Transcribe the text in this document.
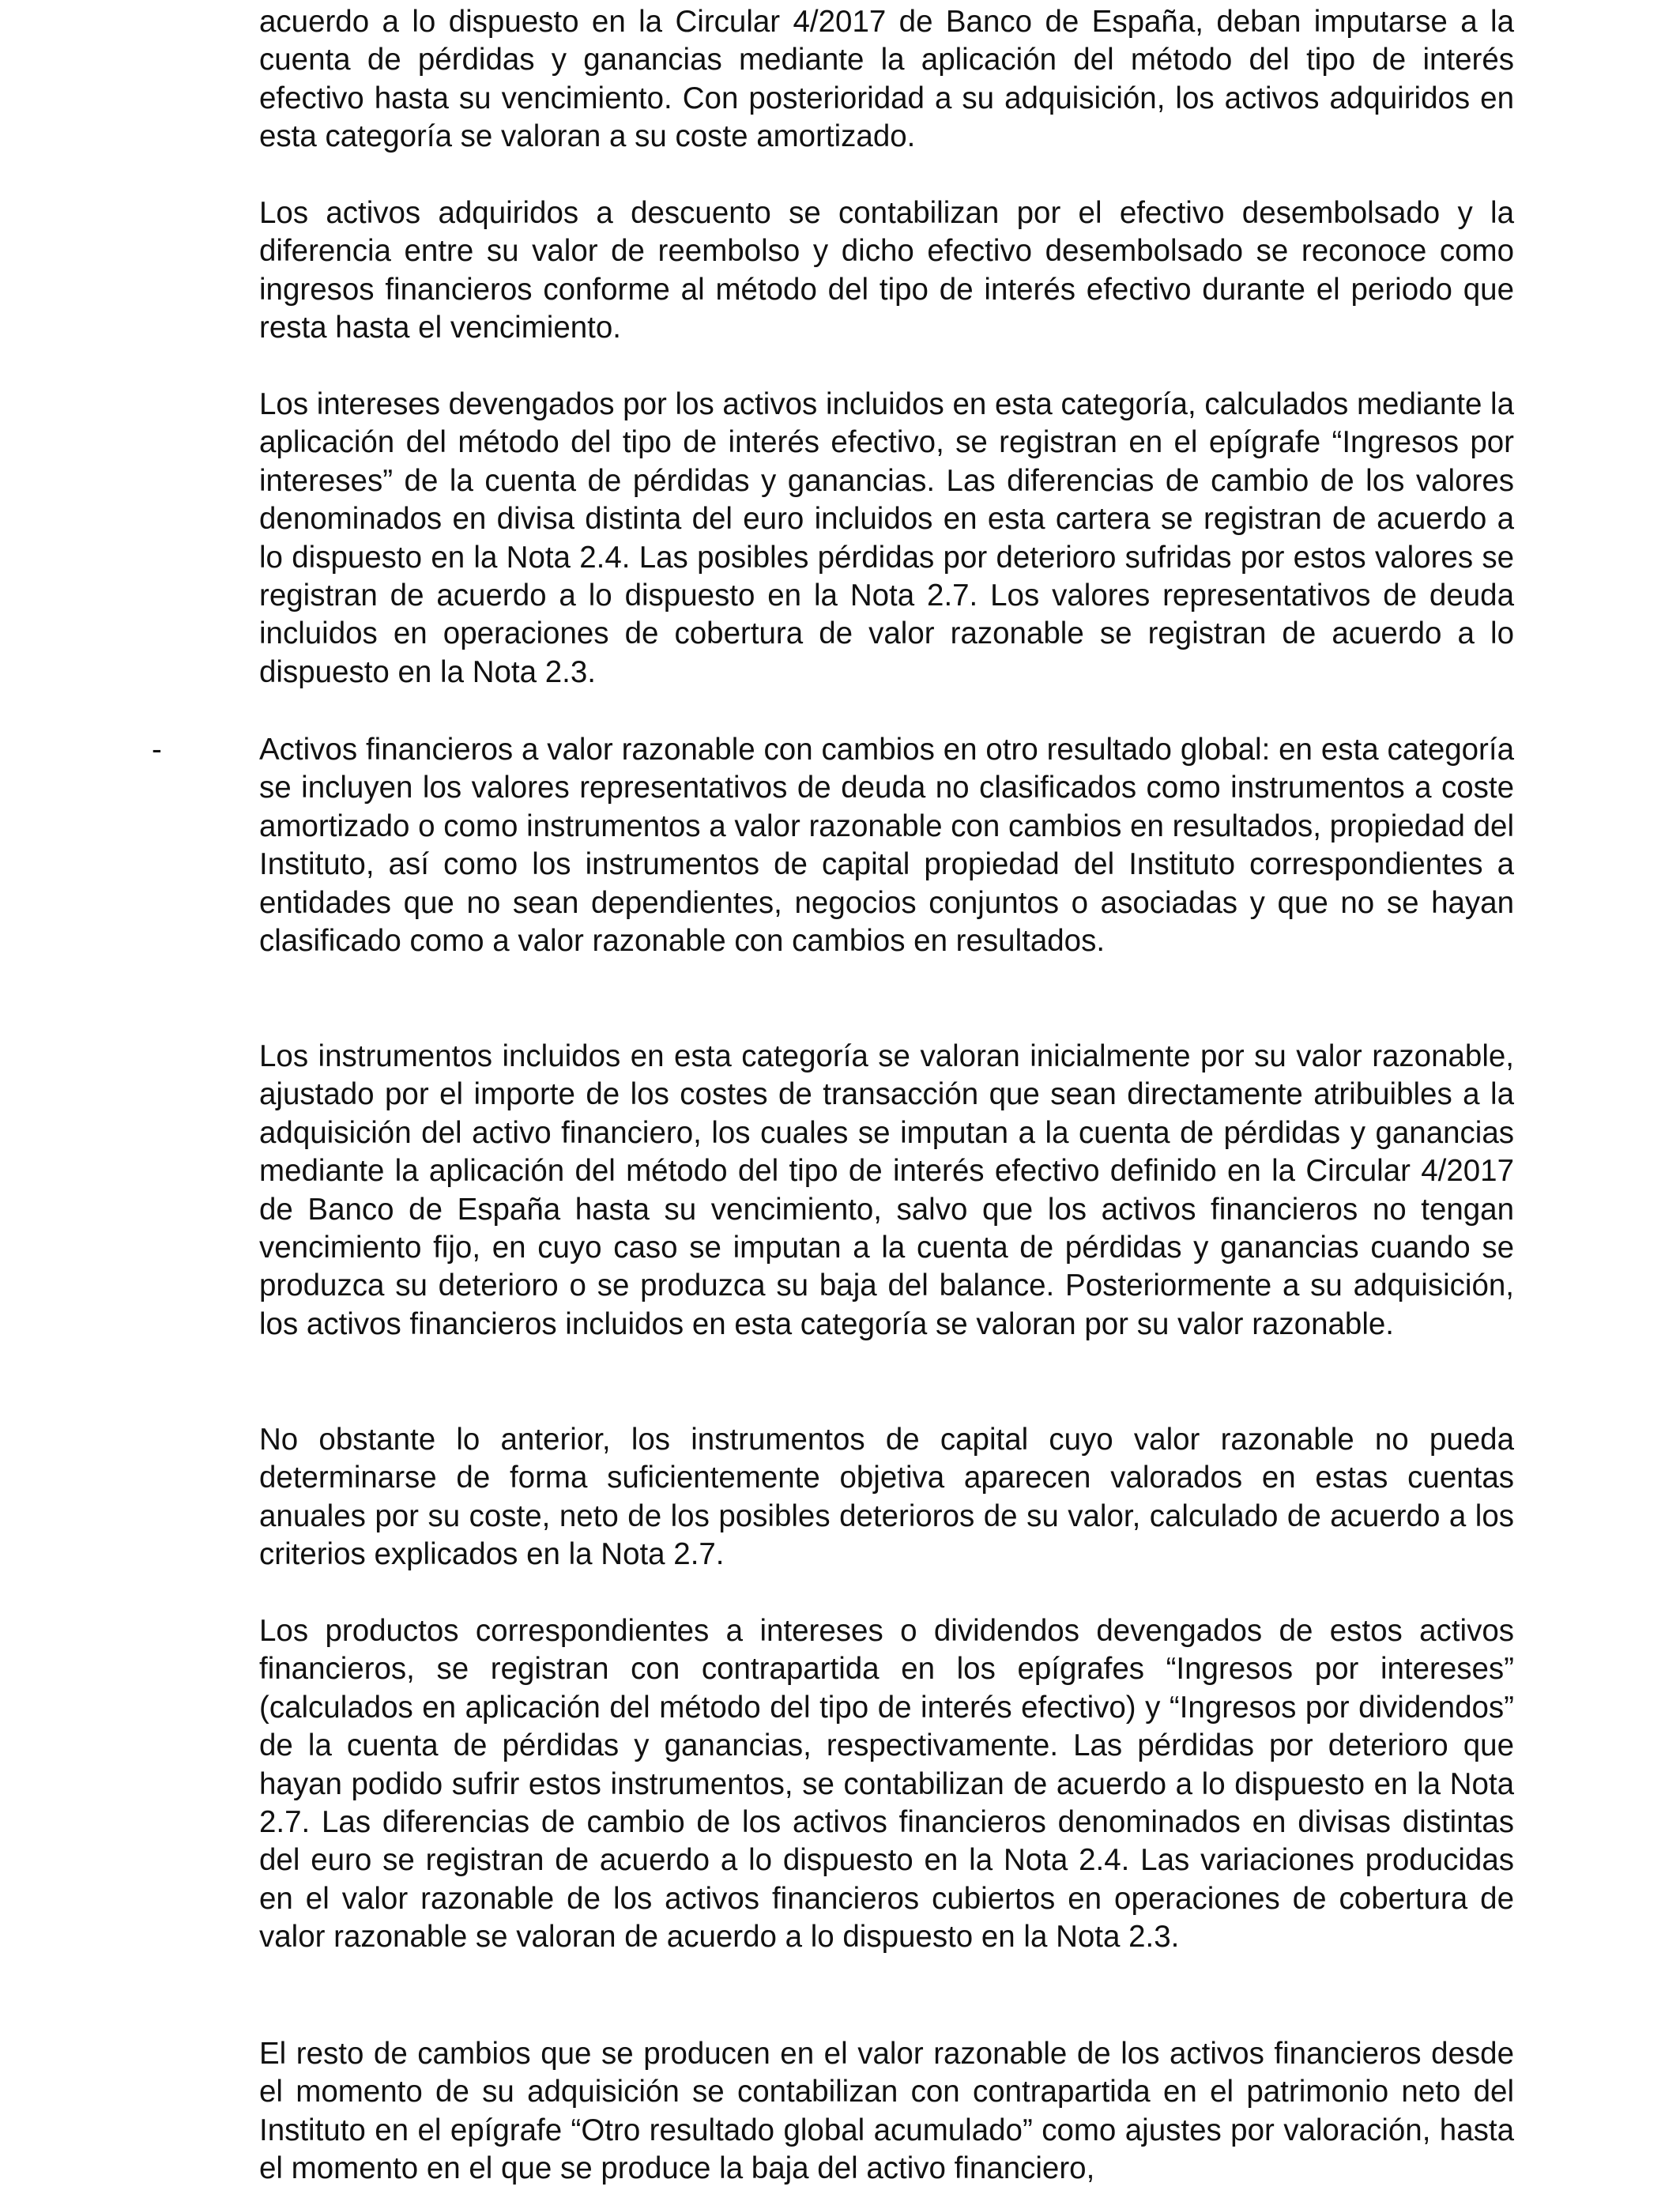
acuerdo a lo dispuesto en la Circular 4/2017 de Banco de España, deban imputarse a la cuenta de pérdidas y ganancias mediante la aplicación del método del tipo de interés efectivo hasta su vencimiento. Con posterioridad a su adquisición, los activos adquiridos en esta categoría se valoran a su coste amortizado.

Los activos adquiridos a descuento se contabilizan por el efectivo desembolsado y la diferencia entre su valor de reembolso y dicho efectivo desembolsado se reconoce como ingresos financieros conforme al método del tipo de interés efectivo durante el periodo que resta hasta el vencimiento.

Los intereses devengados por los activos incluidos en esta categoría, calculados mediante la aplicación del método del tipo de interés efectivo, se registran en el epígrafe “Ingresos por intereses” de la cuenta de pérdidas y ganancias. Las diferencias de cambio de los valores denominados en divisa distinta del euro incluidos en esta cartera se registran de acuerdo a lo dispuesto en la Nota 2.4. Las posibles pérdidas por deterioro sufridas por estos valores se registran de acuerdo a lo dispuesto en la Nota 2.7. Los valores representativos de deuda incluidos en operaciones de cobertura de valor razonable se registran de acuerdo a lo dispuesto en la Nota 2.3.

-	Activos financieros a valor razonable con cambios en otro resultado global: en esta categoría se incluyen los valores representativos de deuda no clasificados como instrumentos a coste amortizado o como instrumentos a valor razonable con cambios en resultados, propiedad del Instituto, así como los instrumentos de capital propiedad del Instituto correspondientes a entidades que no sean dependientes, negocios conjuntos o asociadas y que no se hayan clasificado como a valor razonable con cambios en resultados.

Los instrumentos incluidos en esta categoría se valoran inicialmente por su valor razonable, ajustado por el importe de los costes de transacción que sean directamente atribuibles a la adquisición del activo financiero, los cuales se imputan a la cuenta de pérdidas y ganancias mediante la aplicación del método del tipo de interés efectivo definido en la Circular 4/2017 de Banco de España hasta su vencimiento, salvo que los activos financieros no tengan vencimiento fijo, en cuyo caso se imputan a la cuenta de pérdidas y ganancias cuando se produzca su deterioro o se produzca su baja del balance. Posteriormente a su adquisición, los activos financieros incluidos en esta categoría se valoran por su valor razonable.

No obstante lo anterior, los instrumentos de capital cuyo valor razonable no pueda determinarse de forma suficientemente objetiva aparecen valorados en estas cuentas anuales por su coste, neto de los posibles deterioros de su valor, calculado de acuerdo a los criterios explicados en la Nota 2.7.

Los productos correspondientes a intereses o dividendos devengados de estos activos financieros, se registran con contrapartida en los epígrafes “Ingresos por intereses” (calculados en aplicación del método del tipo de interés efectivo) y “Ingresos por dividendos” de la cuenta de pérdidas y ganancias, respectivamente. Las pérdidas por deterioro que hayan podido sufrir estos instrumentos, se contabilizan de acuerdo a lo dispuesto en la Nota 2.7. Las diferencias de cambio de los activos financieros denominados en divisas distintas del euro se registran de acuerdo a lo dispuesto en la Nota 2.4. Las variaciones producidas en el valor razonable de los activos financieros cubiertos en operaciones de cobertura de valor razonable se valoran de acuerdo a lo dispuesto en la Nota 2.3.

El resto de cambios que se producen en el valor razonable de los activos financieros desde el momento de su adquisición se contabilizan con contrapartida en el patrimonio neto del Instituto en el epígrafe “Otro resultado global acumulado” como ajustes por valoración, hasta el momento en el que se produce la baja del activo financiero,
